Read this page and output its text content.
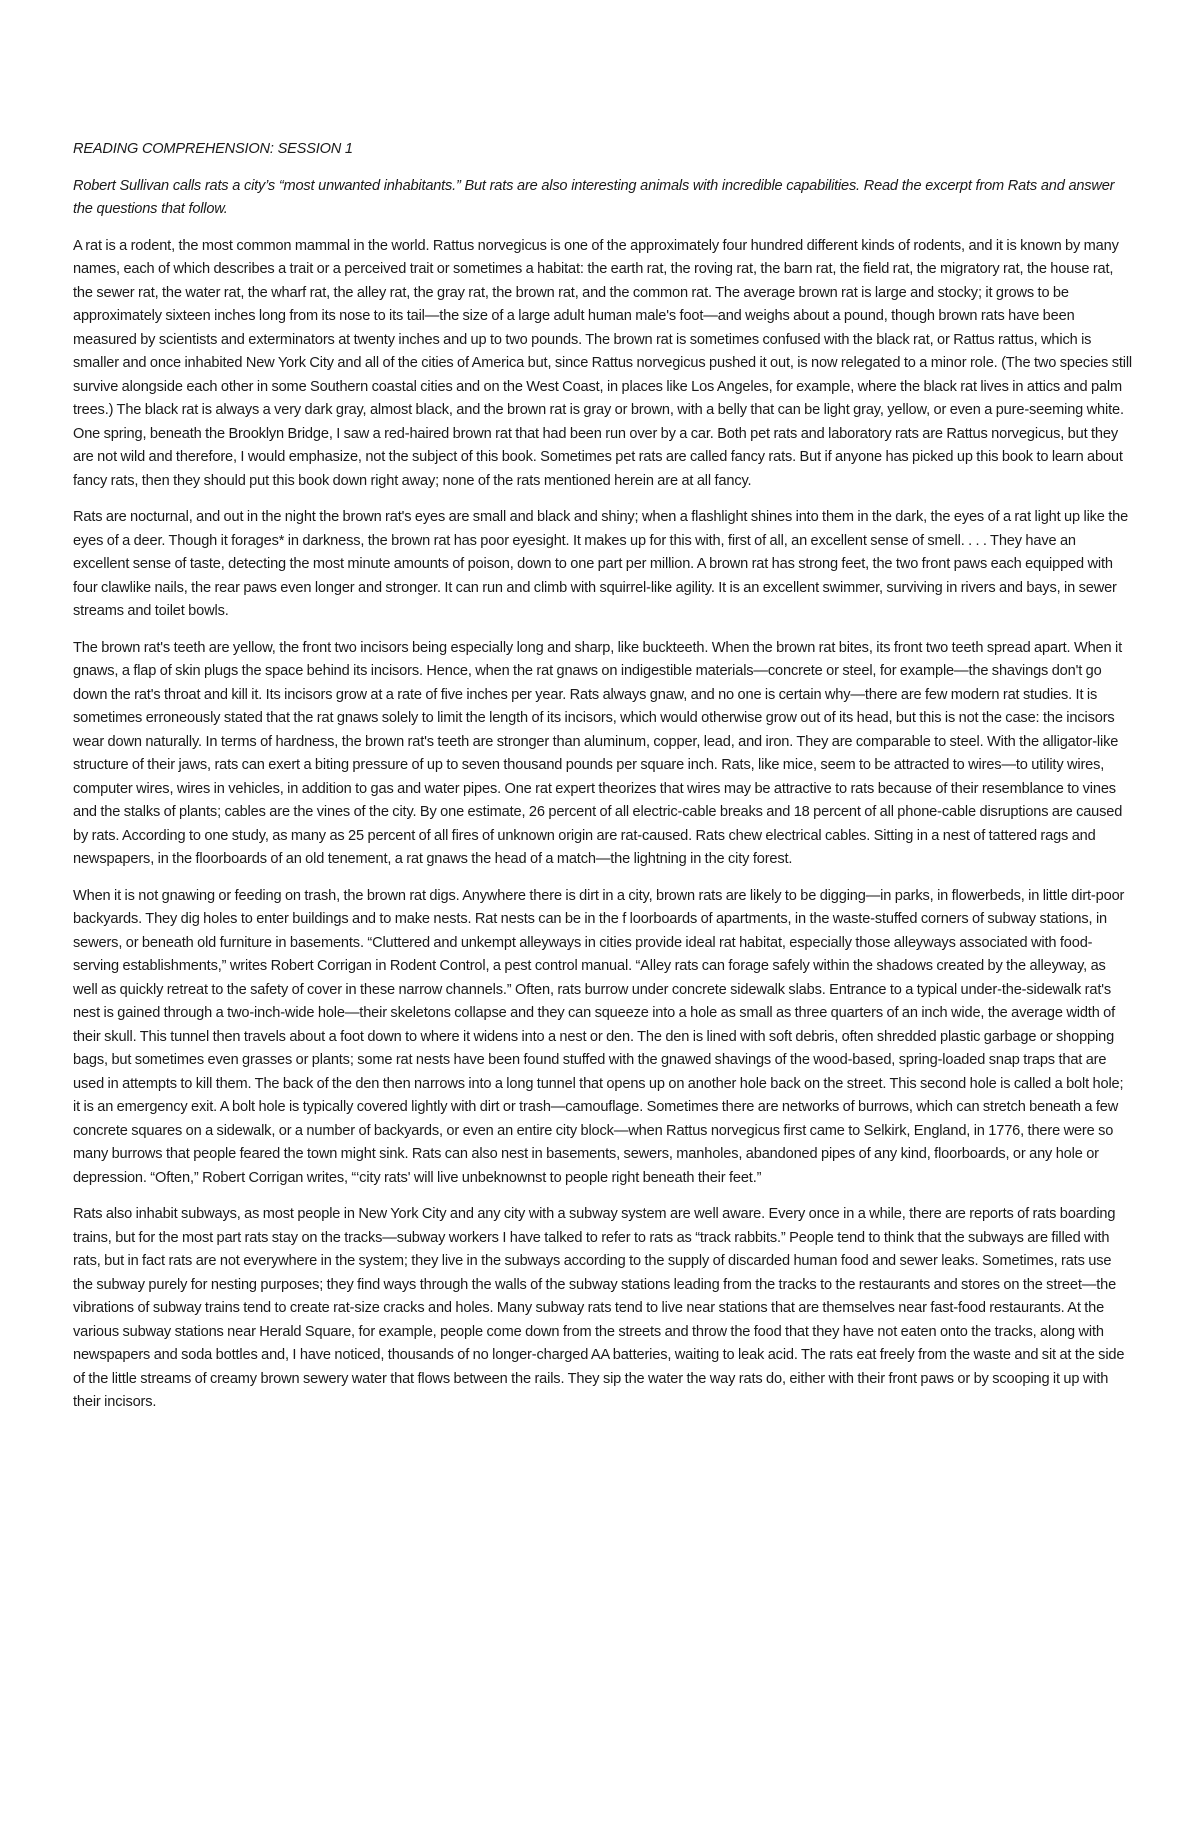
READING COMPREHENSION: SESSION 1

Robert Sullivan calls rats a city’s “most unwanted inhabitants.” But rats are also interesting animals with incredible capabilities. Read the excerpt from Rats and answer the questions that follow.

A rat is a rodent, the most common mammal in the world. Rattus norvegicus is one of the approximately four hundred different kinds of rodents, and it is known by many names, each of which describes a trait or a perceived trait or sometimes a habitat: the earth rat, the roving rat, the barn rat, the field rat, the migratory rat, the house rat, the sewer rat, the water rat, the wharf rat, the alley rat, the gray rat, the brown rat, and the common rat. The average brown rat is large and stocky; it grows to be approximately sixteen inches long from its nose to its tail—the size of a large adult human male's foot—and weighs about a pound, though brown rats have been measured by scientists and exterminators at twenty inches and up to two pounds. The brown rat is sometimes confused with the black rat, or Rattus rattus, which is smaller and once inhabited New York City and all of the cities of America but, since Rattus norvegicus pushed it out, is now relegated to a minor role. (The two species still survive alongside each other in some Southern coastal cities and on the West Coast, in places like Los Angeles, for example, where the black rat lives in attics and palm trees.) The black rat is always a very dark gray, almost black, and the brown rat is gray or brown, with a belly that can be light gray, yellow, or even a pure-seeming white. One spring, beneath the Brooklyn Bridge, I saw a red-haired brown rat that had been run over by a car. Both pet rats and laboratory rats are Rattus norvegicus, but they are not wild and therefore, I would emphasize, not the subject of this book. Sometimes pet rats are called fancy rats. But if anyone has picked up this book to learn about fancy rats, then they should put this book down right away; none of the rats mentioned herein are at all fancy.

Rats are nocturnal, and out in the night the brown rat's eyes are small and black and shiny; when a flashlight shines into them in the dark, the eyes of a rat light up like the eyes of a deer. Though it forages* in darkness, the brown rat has poor eyesight. It makes up for this with, first of all, an excellent sense of smell. . . . They have an excellent sense of taste, detecting the most minute amounts of poison, down to one part per million. A brown rat has strong feet, the two front paws each equipped with four clawlike nails, the rear paws even longer and stronger. It can run and climb with squirrel-like agility. It is an excellent swimmer, surviving in rivers and bays, in sewer streams and toilet bowls.

The brown rat's teeth are yellow, the front two incisors being especially long and sharp, like buckteeth. When the brown rat bites, its front two teeth spread apart. When it gnaws, a flap of skin plugs the space behind its incisors. Hence, when the rat gnaws on indigestible materials—concrete or steel, for example—the shavings don't go down the rat's throat and kill it. Its incisors grow at a rate of five inches per year. Rats always gnaw, and no one is certain why—there are few modern rat studies. It is sometimes erroneously stated that the rat gnaws solely to limit the length of its incisors, which would otherwise grow out of its head, but this is not the case: the incisors wear down naturally. In terms of hardness, the brown rat's teeth are stronger than aluminum, copper, lead, and iron. They are comparable to steel. With the alligator-like structure of their jaws, rats can exert a biting pressure of up to seven thousand pounds per square inch. Rats, like mice, seem to be attracted to wires—to utility wires, computer wires, wires in vehicles, in addition to gas and water pipes. One rat expert theorizes that wires may be attractive to rats because of their resemblance to vines and the stalks of plants; cables are the vines of the city. By one estimate, 26 percent of all electric-cable breaks and 18 percent of all phone-cable disruptions are caused by rats. According to one study, as many as 25 percent of all fires of unknown origin are rat-caused. Rats chew electrical cables. Sitting in a nest of tattered rags and newspapers, in the floorboards of an old tenement, a rat gnaws the head of a match—the lightning in the city forest.

When it is not gnawing or feeding on trash, the brown rat digs. Anywhere there is dirt in a city, brown rats are likely to be digging—in parks, in flowerbeds, in little dirt-poor backyards. They dig holes to enter buildings and to make nests. Rat nests can be in the f loorboards of apartments, in the waste-stuffed corners of subway stations, in sewers, or beneath old furniture in basements. “Cluttered and unkempt alleyways in cities provide ideal rat habitat, especially those alleyways associated with food-serving establishments,” writes Robert Corrigan in Rodent Control, a pest control manual. “Alley rats can forage safely within the shadows created by the alleyway, as well as quickly retreat to the safety of cover in these narrow channels.” Often, rats burrow under concrete sidewalk slabs. Entrance to a typical under-the-sidewalk rat's nest is gained through a two-inch-wide hole—their skeletons collapse and they can squeeze into a hole as small as three quarters of an inch wide, the average width of their skull. This tunnel then travels about a foot down to where it widens into a nest or den. The den is lined with soft debris, often shredded plastic garbage or shopping bags, but sometimes even grasses or plants; some rat nests have been found stuffed with the gnawed shavings of the wood-based, spring-loaded snap traps that are used in attempts to kill them. The back of the den then narrows into a long tunnel that opens up on another hole back on the street. This second hole is called a bolt hole; it is an emergency exit. A bolt hole is typically covered lightly with dirt or trash—camouflage. Sometimes there are networks of burrows, which can stretch beneath a few concrete squares on a sidewalk, or a number of backyards, or even an entire city block—when Rattus norvegicus first came to Selkirk, England, in 1776, there were so many burrows that people feared the town might sink. Rats can also nest in basements, sewers, manholes, abandoned pipes of any kind, floorboards, or any hole or depression. “Often,” Robert Corrigan writes, “‘city rats' will live unbeknownst to people right beneath their feet.”

Rats also inhabit subways, as most people in New York City and any city with a subway system are well aware. Every once in a while, there are reports of rats boarding trains, but for the most part rats stay on the tracks—subway workers I have talked to refer to rats as “track rabbits.” People tend to think that the subways are filled with rats, but in fact rats are not everywhere in the system; they live in the subways according to the supply of discarded human food and sewer leaks. Sometimes, rats use the subway purely for nesting purposes; they find ways through the walls of the subway stations leading from the tracks to the restaurants and stores on the street—the vibrations of subway trains tend to create rat-size cracks and holes. Many subway rats tend to live near stations that are themselves near fast-food restaurants. At the various subway stations near Herald Square, for example, people come down from the streets and throw the food that they have not eaten onto the tracks, along with newspapers and soda bottles and, I have noticed, thousands of no longer-charged AA batteries, waiting to leak acid. The rats eat freely from the waste and sit at the side of the little streams of creamy brown sewery water that flows between the rails. They sip the water the way rats do, either with their front paws or by scooping it up with their incisors.
